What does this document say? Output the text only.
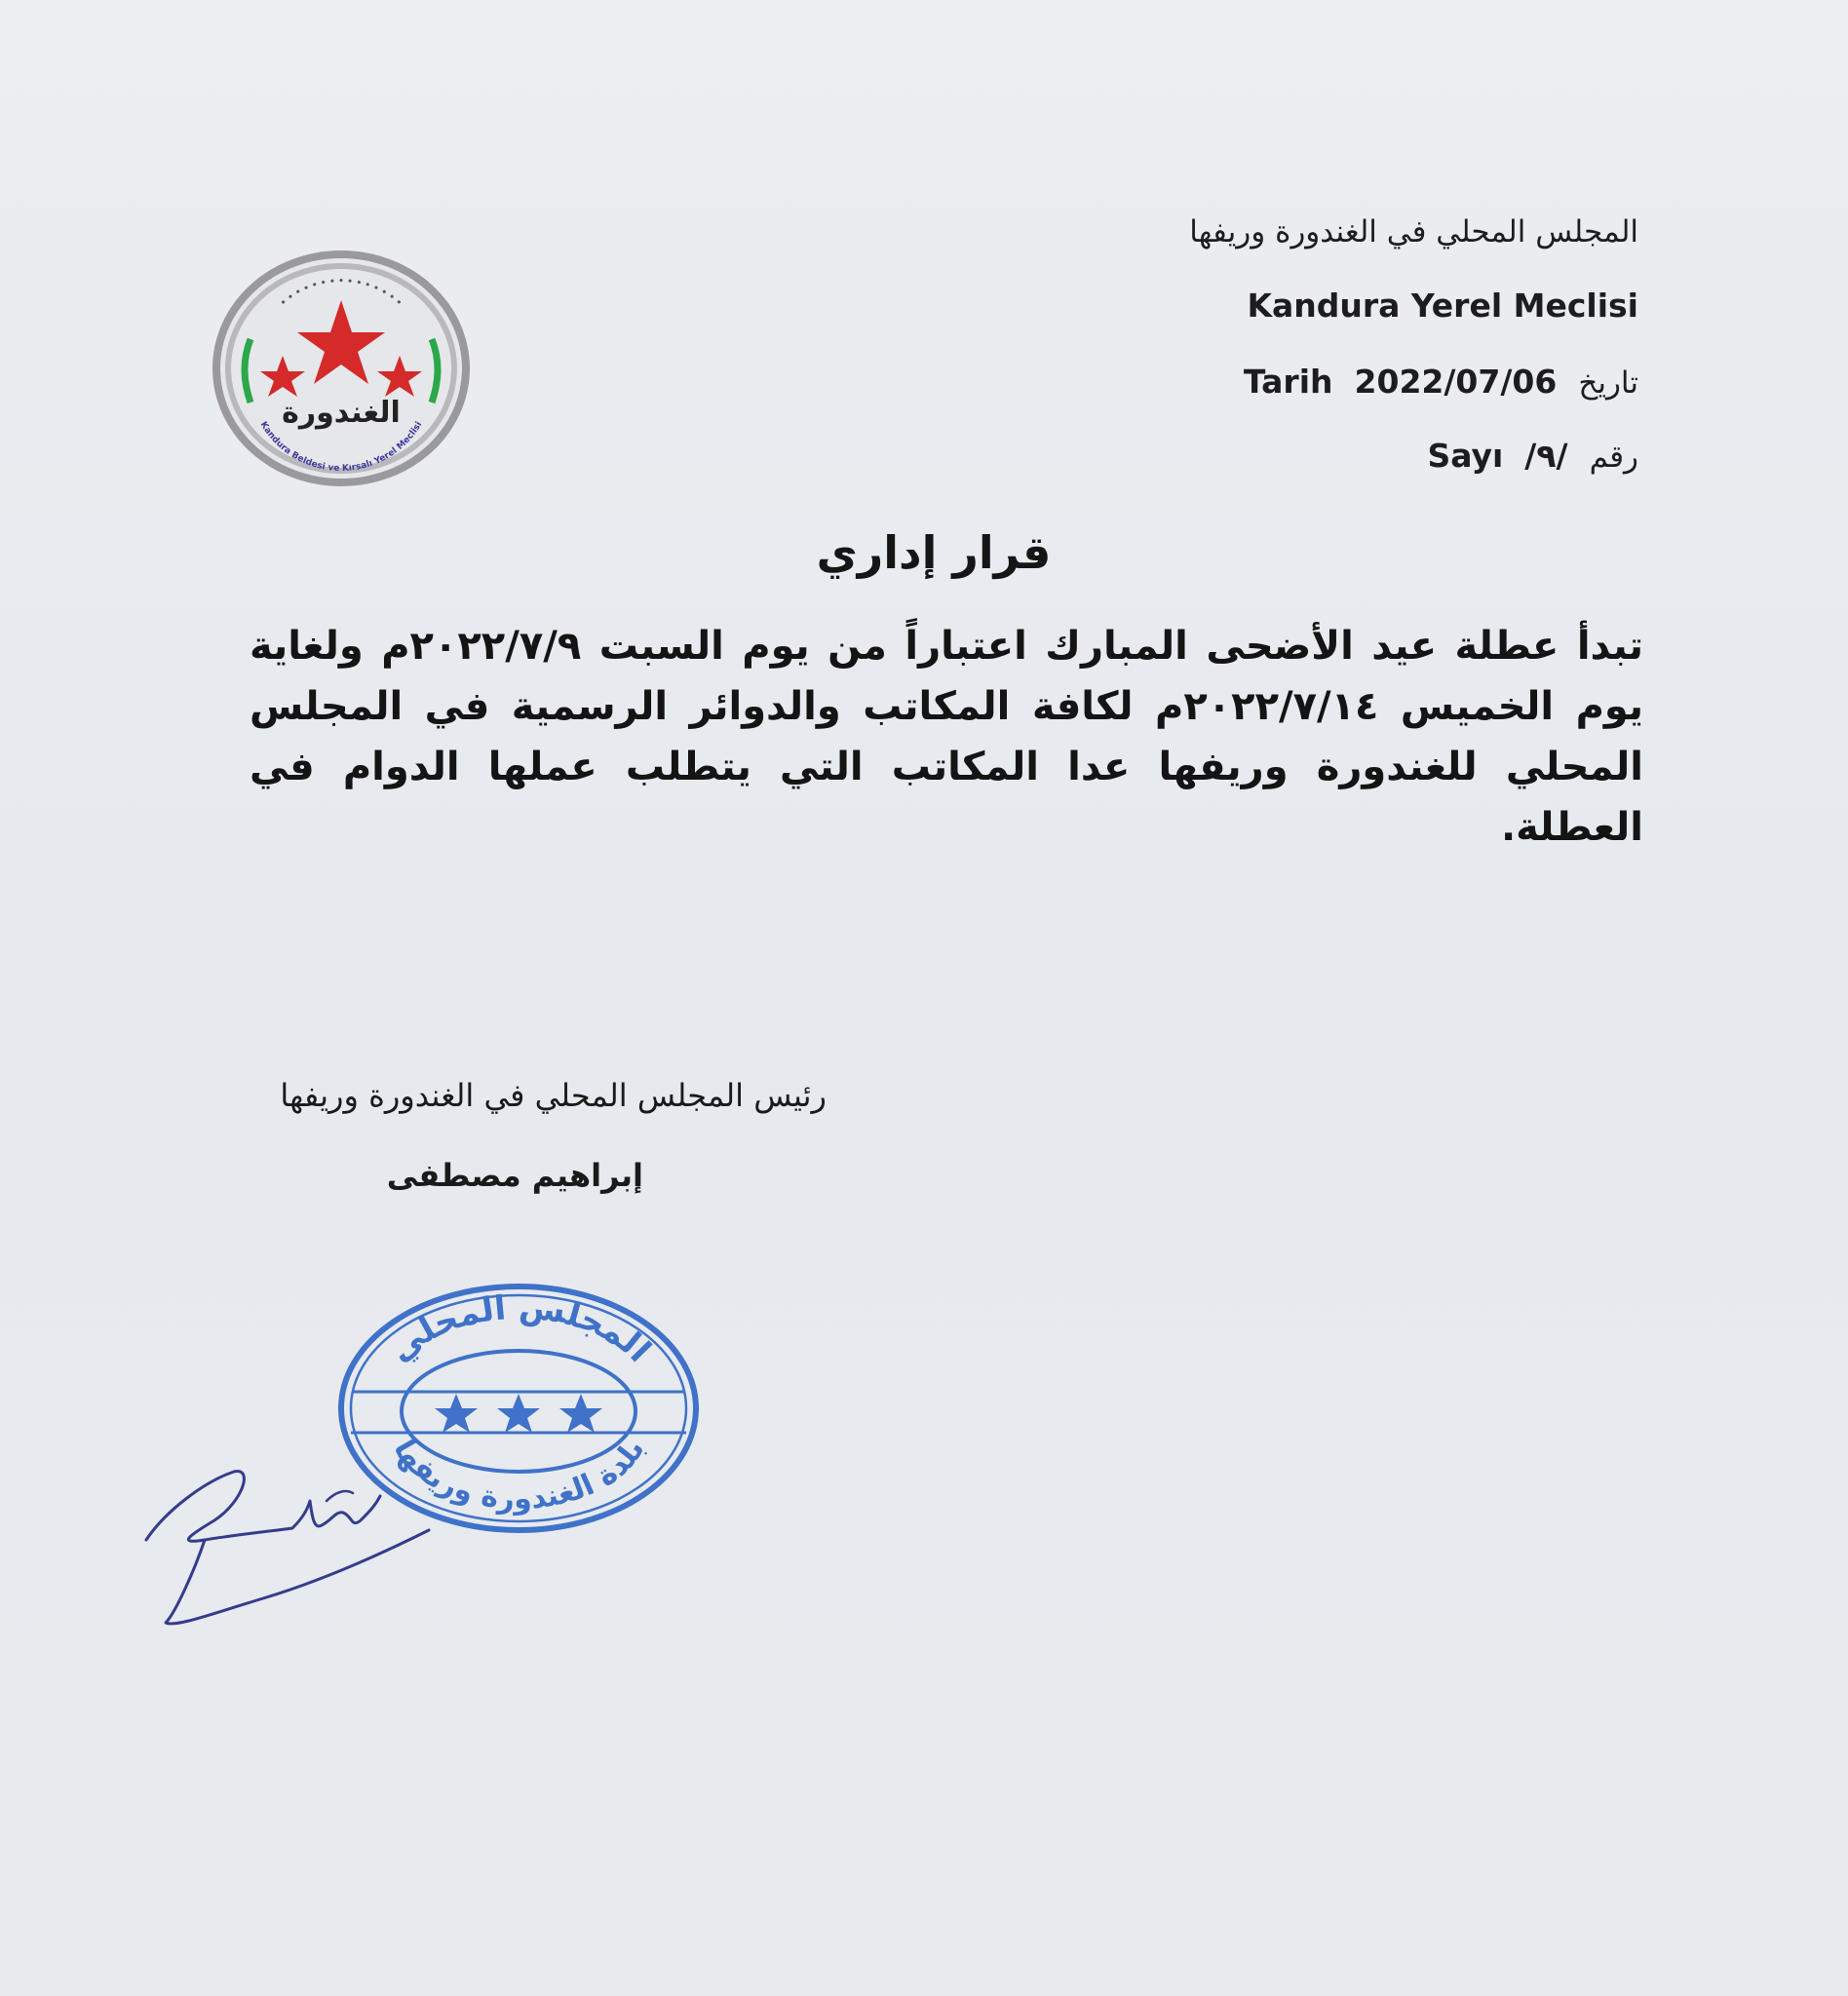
• • • • • • • • • • • • • • •
Kandura Beldesi ve Kırsalı Yerel Meclisi
الغندورة
المجلس المحلي في الغندورة وريفها
Kandura Yerel Meclisi
Tarih 2022/07/06 تاريخ
Sayı /٩/ رقم
قرار إداري
تبدأ عطلة عيد الأضحى المبارك اعتباراً من يوم السبت ٢٠٢٢/٧/٩م ولغاية يوم الخميس ٢٠٢٢/٧/١٤م لكافة المكاتب والدوائر الرسمية في المجلس المحلي للغندورة وريفها عدا المكاتب التي يتطلب عملها الدوام في العطلة.
رئيس المجلس المحلي في الغندورة وريفها
إبراهيم مصطفى
المجلس المحلي
بلدة الغندورة وريفها
